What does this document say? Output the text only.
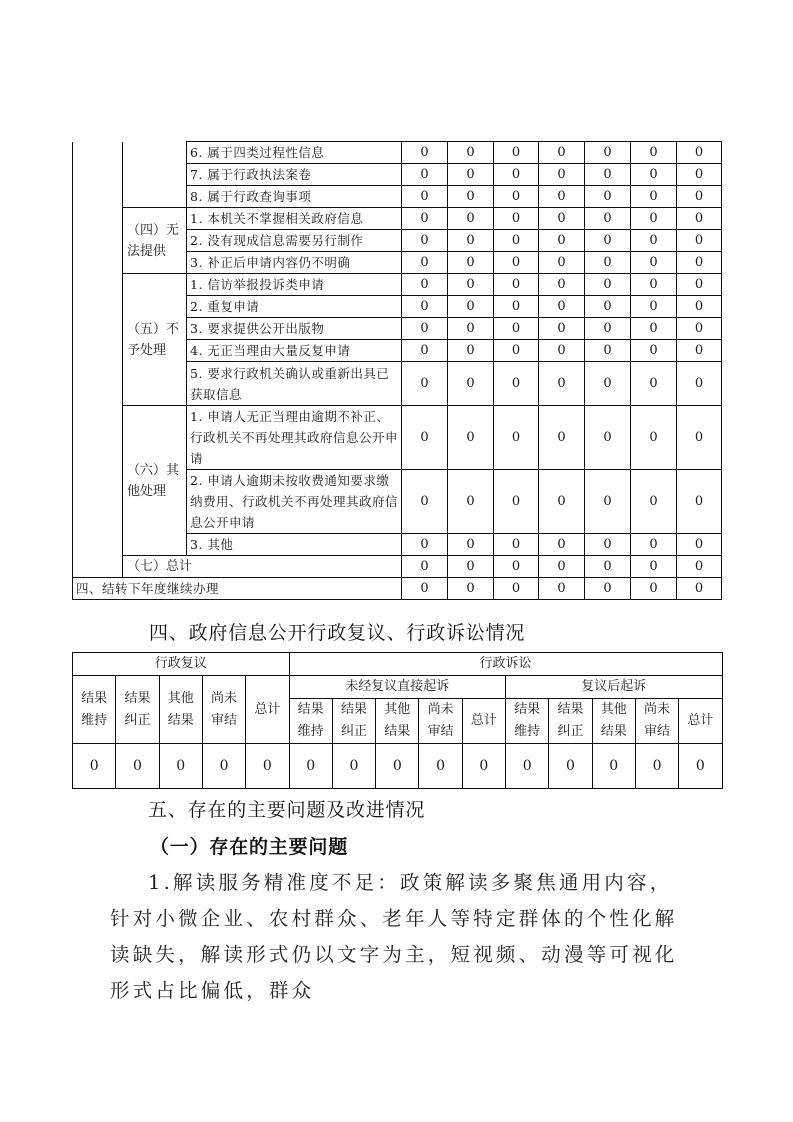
		6. 属于四类过程性信息	0	0	0	0	0	0	0
		7. 属于行政执法案卷	0	0	0	0	0	0	0
		8. 属于行政查询事项	0	0	0	0	0	0	0
	（四）无法提供	1. 本机关不掌握相关政府信息	0	0	0	0	0	0	0
		2. 没有现成信息需要另行制作	0	0	0	0	0	0	0
		3. 补正后申请内容仍不明确	0	0	0	0	0	0	0
	（五）不予处理	1. 信访举报投诉类申请	0	0	0	0	0	0	0
		2. 重复申请	0	0	0	0	0	0	0
		3. 要求提供公开出版物	0	0	0	0	0	0	0
		4. 无正当理由大量反复申请	0	0	0	0	0	0	0
		5. 要求行政机关确认或重新出具已获取信息	0	0	0	0	0	0	0
	（六）其他处理	1. 申请人无正当理由逾期不补正、行政机关不再处理其政府信息公开申请	0	0	0	0	0	0	0
		2. 申请人逾期未按收费通知要求缴纳费用、行政机关不再处理其政府信息公开申请	0	0	0	0	0	0	0
		3. 其他	0	0	0	0	0	0	0
	（七）总计		0	0	0	0	0	0	0
四、结转下年度继续办理			0	0	0	0	0	0	0
四、政府信息公开行政复议、行政诉讼情况
行政复议					行政诉讼									
结果维持	结果纠正	其他结果	尚未审结	总计	未经复议直接起诉					复议后起诉				
					结果维持	结果纠正	其他结果	尚未审结	总计	结果维持	结果纠正	其他结果	尚未审结	总计
0	0	0	0	0	0	0	0	0	0	0	0	0	0	0
五、存在的主要问题及改进情况
（一）存在的主要问题
1.解读服务精准度不足：政策解读多聚焦通用内容，针对小微企业、农村群众、老年人等特定群体的个性化解读缺失，解读形式仍以文字为主，短视频、动漫等可视化形式占比偏低，群众
